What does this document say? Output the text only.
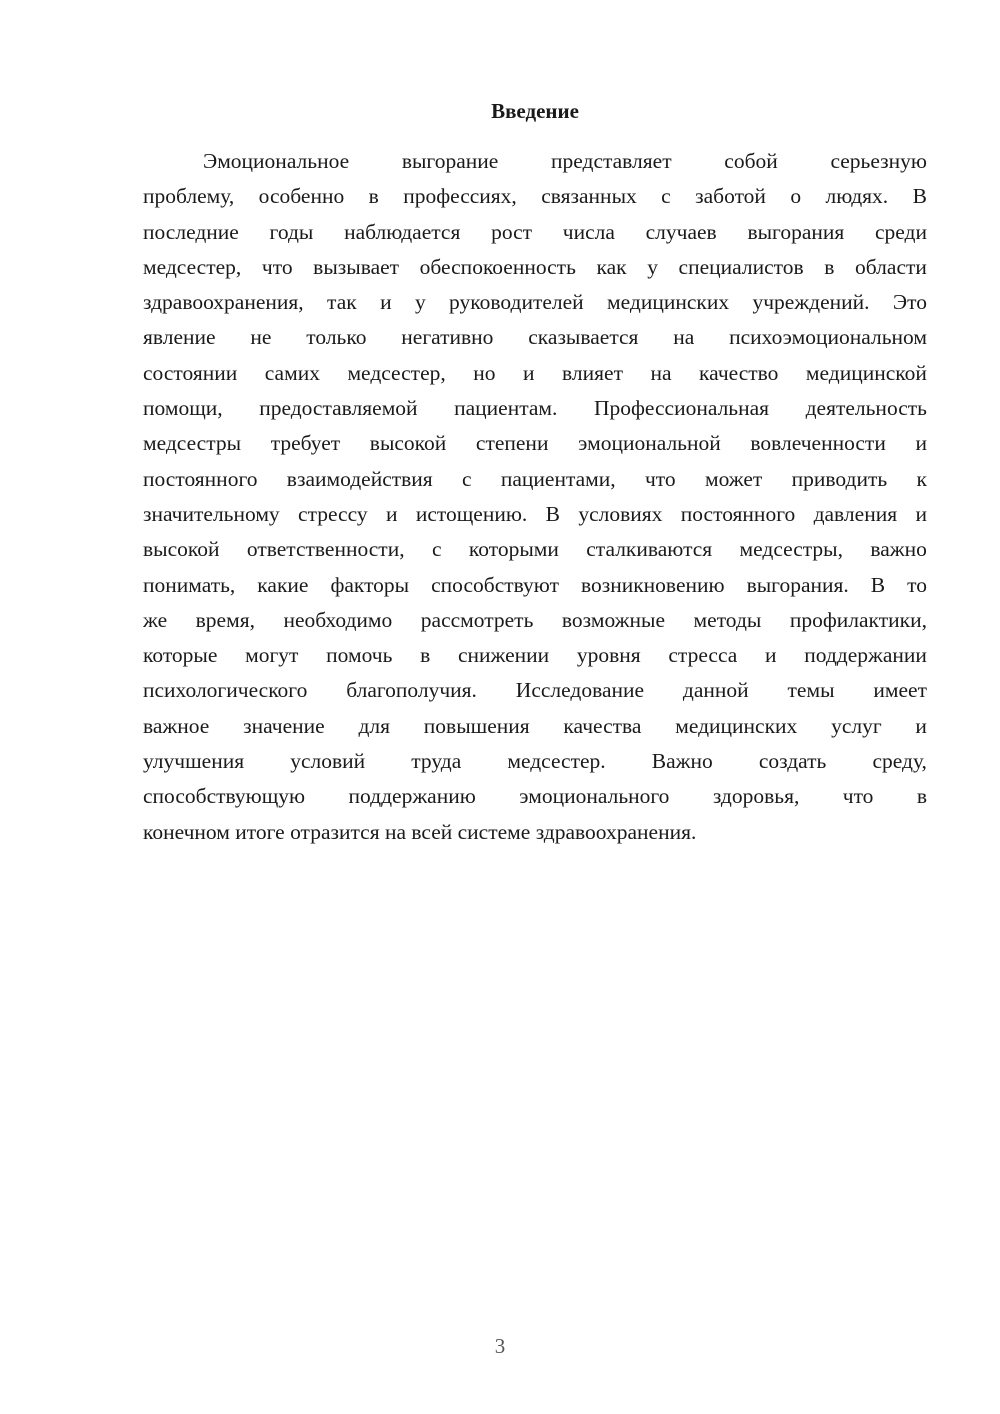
Введение
Эмоциональное выгорание представляет собой серьезную
проблему, особенно в профессиях, связанных с заботой о людях. В
последние годы наблюдается рост числа случаев выгорания среди
медсестер, что вызывает обеспокоенность как у специалистов в области
здравоохранения, так и у руководителей медицинских учреждений. Это
явление не только негативно сказывается на психоэмоциональном
состоянии самих медсестер, но и влияет на качество медицинской
помощи, предоставляемой пациентам. Профессиональная деятельность
медсестры требует высокой степени эмоциональной вовлеченности и
постоянного взаимодействия с пациентами, что может приводить к
значительному стрессу и истощению. В условиях постоянного давления и
высокой ответственности, с которыми сталкиваются медсестры, важно
понимать, какие факторы способствуют возникновению выгорания. В то
же время, необходимо рассмотреть возможные методы профилактики,
которые могут помочь в снижении уровня стресса и поддержании
психологического благополучия. Исследование данной темы имеет
важное значение для повышения качества медицинских услуг и
улучшения условий труда медсестер. Важно создать среду,
способствующую поддержанию эмоционального здоровья, что в
конечном итоге отразится на всей системе здравоохранения.
3
